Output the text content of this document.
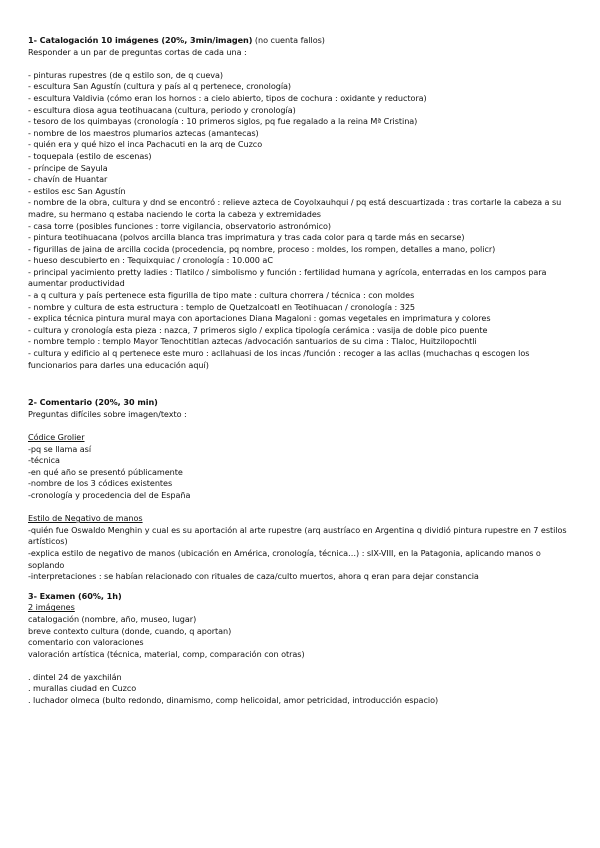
1- Catalogación 10 imágenes (20%, 3min/imagen) (no cuenta fallos)

Responder a un par de preguntas cortas de cada una :

- pinturas rupestres (de q estilo son, de q cueva)

- escultura San Agustín (cultura y país al q pertenece, cronología)

- escultura Valdivia (cómo eran los hornos : a cielo abierto, tipos de cochura : oxidante y reductora)

- escultura diosa agua teotihuacana (cultura, periodo y cronología)

- tesoro de los quimbayas (cronología : 10 primeros siglos, pq fue regalado a la reina Mª Cristina)

- nombre de los maestros plumarios aztecas (amantecas)

- quién era y qué hizo el inca Pachacuti en la arq de Cuzco

- toquepala (estilo de escenas)

- príncipe de Sayula

- chavín de Huantar

- estilos esc San Agustín

- nombre de la obra, cultura y dnd se encontró : relieve azteca de Coyolxauhqui / pq está descuartizada : tras cortarle la cabeza a su madre, su hermano q estaba naciendo le corta la cabeza y extremidades

- casa torre (posibles funciones : torre vigilancia, observatorio astronómico)

- pintura teotihuacana (polvos arcilla blanca tras imprimatura y tras cada color para q tarde más en secarse)

- figurillas de jaina de arcilla cocida (procedencia, pq nombre, proceso : moldes, los rompen, detalles a mano, policr)

- hueso descubierto en : Tequixquiac / cronología : 10.000 aC

- principal yacimiento pretty ladies : Tlatilco / simbolismo y función : fertilidad humana y agrícola, enterradas en los campos para aumentar productividad

- a q cultura y país pertenece esta figurilla de tipo mate : cultura chorrera / técnica : con moldes

- nombre y cultura de esta estructura : templo de Quetzalcoatl en Teotihuacan / cronología : 325

- explica técnica pintura mural maya con aportaciones Diana Magaloni : gomas vegetales en imprimatura y colores

- cultura y cronología esta pieza : nazca, 7 primeros siglo / explica tipología cerámica : vasija de doble pico puente

- nombre templo : templo Mayor Tenochtitlan aztecas /advocación santuarios de su cima : Tlaloc, Huitzilopochtli

- cultura y edificio al q pertenece este muro : acllahuasi de los incas /función : recoger a las acllas (muchachas q escogen los funcionarios para darles una educación aquí)

2- Comentario (20%, 30 min)

Preguntas difíciles sobre imagen/texto :

Códice Grolier

-pq se llama así

-técnica

-en qué año se presentó públicamente

-nombre de los 3 códices existentes

-cronología y procedencia del de España

Estilo de Negativo de manos

-quién fue Oswaldo Menghin y cual es su aportación al arte rupestre (arq austríaco en Argentina q dividió pintura rupestre en 7 estilos artísticos)

-explica estilo de negativo de manos (ubicación en América, cronología, técnica…) : sIX-VIII, en la Patagonia, aplicando manos o soplando

-interpretaciones : se habían relacionado con rituales de caza/culto muertos, ahora q eran para dejar constancia

3- Examen (60%, 1h)

2 imágenes

catalogación (nombre, año, museo, lugar)

breve contexto cultura (donde, cuando, q aportan)

comentario con valoraciones

valoración artística (técnica, material, comp, comparación con otras)

. dintel 24 de yaxchilán

. murallas ciudad en Cuzco

. luchador olmeca (bulto redondo, dinamismo, comp helicoidal, amor petricidad, introducción espacio)
